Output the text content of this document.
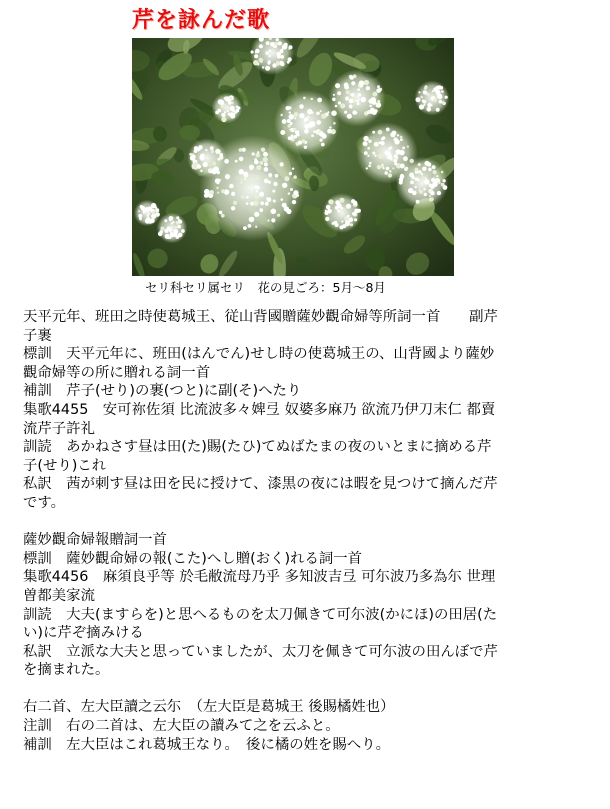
芹を詠んだ歌
セリ科セリ属セリ　花の見ごろ：5月～8月
天平元年、班田之時使葛城王、従山背國贈薩妙觀命婦等所詞一首　　副芹
子裹
標訓　天平元年に、班田(はんでん)せし時の使葛城王の、山背國より薩妙
觀命婦等の所に贈れる詞一首
補訓　芹子(せり)の裹(つと)に副(そ)へたり
集歌4455　安可祢佐須 比流波多々婢弖 奴婆多麻乃 欲流乃伊刀末仁 都賣
流芹子許礼
訓読　あかねさす昼は田(た)賜(たひ)てぬばたまの夜のいとまに摘める芹
子(せり)これ
私訳　茜が刺す昼は田を民に授けて、漆黒の夜には暇を見つけて摘んだ芹
です。
薩妙觀命婦報贈詞一首
標訓　薩妙觀命婦の報(こた)へし贈(おく)れる詞一首
集歌4456　麻須良乎等 於毛敝流母乃乎 多知波吉弖 可尓波乃多為尓 世理
曽都美家流
訓読　大夫(ますらを)と思へるものを太刀佩きて可尓波(かにほ)の田居(た
い)に芹ぞ摘みける
私訳　立派な大夫と思っていましたが、太刀を佩きて可尓波の田んぼで芹
を摘まれた。
右二首、左大臣讀之云尓　（左大臣是葛城王 後賜橘姓也）
注訓　右の二首は、左大臣の讀みて之を云ふと。
補訓　左大臣はこれ葛城王なり。　後に橘の姓を賜へり。
